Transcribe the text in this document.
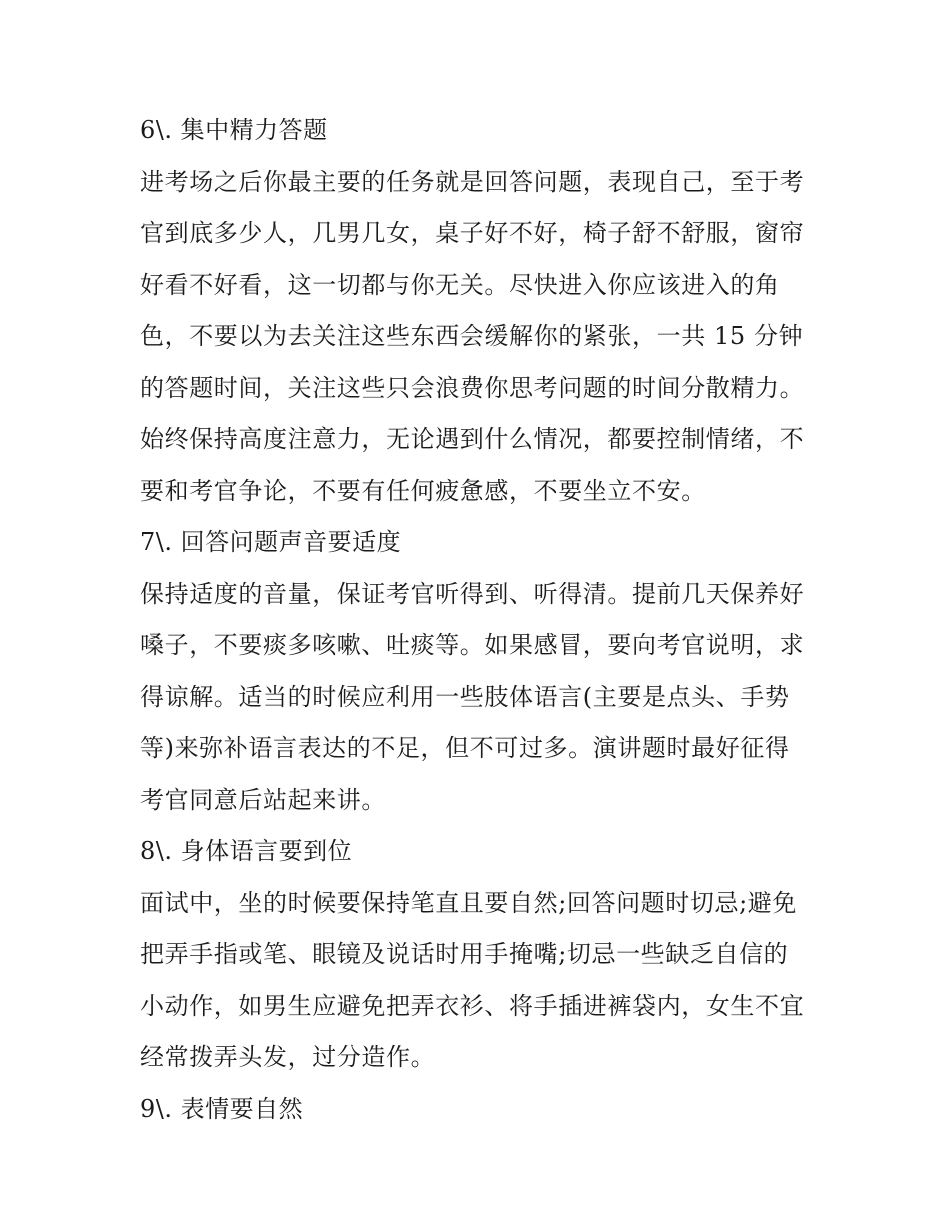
6\. 集中精力答题
进考场之后你最主要的任务就是回答问题，表现自己，至于考
官到底多少人，几男几女，桌子好不好，椅子舒不舒服，窗帘
好看不好看，这一切都与你无关。尽快进入你应该进入的角
色，不要以为去关注这些东西会缓解你的紧张，一共 15 分钟
的答题时间，关注这些只会浪费你思考问题的时间分散精力。
始终保持高度注意力，无论遇到什么情况，都要控制情绪，不
要和考官争论，不要有任何疲惫感，不要坐立不安。
7\. 回答问题声音要适度
保持适度的音量，保证考官听得到、听得清。提前几天保养好
嗓子，不要痰多咳嗽、吐痰等。如果感冒，要向考官说明，求
得谅解。适当的时候应利用一些肢体语言(主要是点头、手势
等)来弥补语言表达的不足，但不可过多。演讲题时最好征得
考官同意后站起来讲。
8\. 身体语言要到位
面试中，坐的时候要保持笔直且要自然;回答问题时切忌;避免
把弄手指或笔、眼镜及说话时用手掩嘴;切忌一些缺乏自信的
小动作，如男生应避免把弄衣衫、将手插进裤袋内，女生不宜
经常拨弄头发，过分造作。
9\. 表情要自然
